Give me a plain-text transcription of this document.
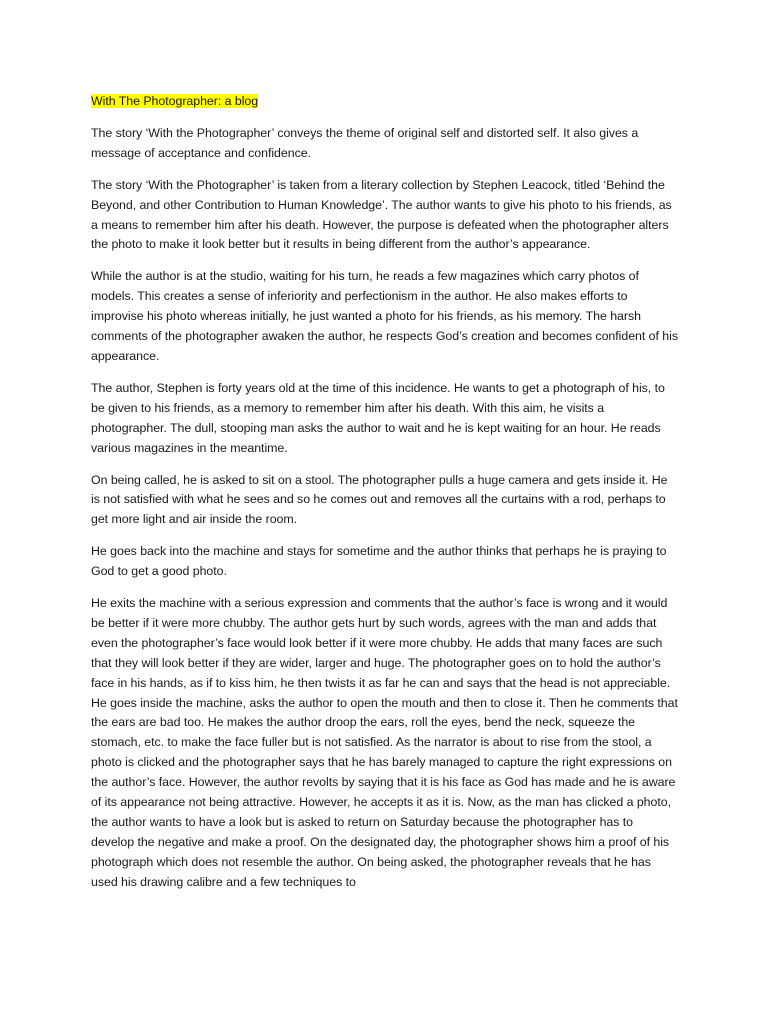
With The Photographer: a blog

The story ‘With the Photographer’ conveys the theme of original self and distorted self. It also gives a message of acceptance and confidence.

The story ‘With the Photographer’ is taken from a literary collection by Stephen Leacock, titled ‘Behind the Beyond, and other Contribution to Human Knowledge’. The author wants to give his photo to his friends, as a means to remember him after his death. However, the purpose is defeated when the photographer alters the photo to make it look better but it results in being different from the author’s appearance.

While the author is at the studio, waiting for his turn, he reads a few magazines which carry photos of models. This creates a sense of inferiority and perfectionism in the author. He also makes efforts to improvise his photo whereas initially, he just wanted a photo for his friends, as his memory. The harsh comments of the photographer awaken the author, he respects God’s creation and becomes confident of his appearance.

The author, Stephen is forty years old at the time of this incidence. He wants to get a photograph of his, to be given to his friends, as a memory to remember him after his death. With this aim, he visits a photographer. The dull, stooping man asks the author to wait and he is kept waiting for an hour. He reads various magazines in the meantime.

On being called, he is asked to sit on a stool. The photographer pulls a huge camera and gets inside it. He is not satisfied with what he sees and so he comes out and removes all the curtains with a rod, perhaps to get more light and air inside the room.

He goes back into the machine and stays for sometime and the author thinks that perhaps he is praying to God to get a good photo.

He exits the machine with a serious expression and comments that the author’s face is wrong and it would be better if it were more chubby. The author gets hurt by such words, agrees with the man and adds that even the photographer’s face would look better if it were more chubby. He adds that many faces are such that they will look better if they are wider, larger and huge. The photographer goes on to hold the author’s face in his hands, as if to kiss him, he then twists it as far he can and says that the head is not appreciable. He goes inside the machine, asks the author to open the mouth and then to close it. Then he comments that the ears are bad too. He makes the author droop the ears, roll the eyes, bend the neck, squeeze the stomach, etc. to make the face fuller but is not satisfied. As the narrator is about to rise from the stool, a photo is clicked and the photographer says that he has barely managed to capture the right expressions on the author’s face. However, the author revolts by saying that it is his face as God has made and he is aware of its appearance not being attractive. However, he accepts it as it is. Now, as the man has clicked a photo, the author wants to have a look but is asked to return on Saturday because the photographer has to develop the negative and make a proof. On the designated day, the photographer shows him a proof of his photograph which does not resemble the author. On being asked, the photographer reveals that he has used his drawing calibre and a few techniques to
